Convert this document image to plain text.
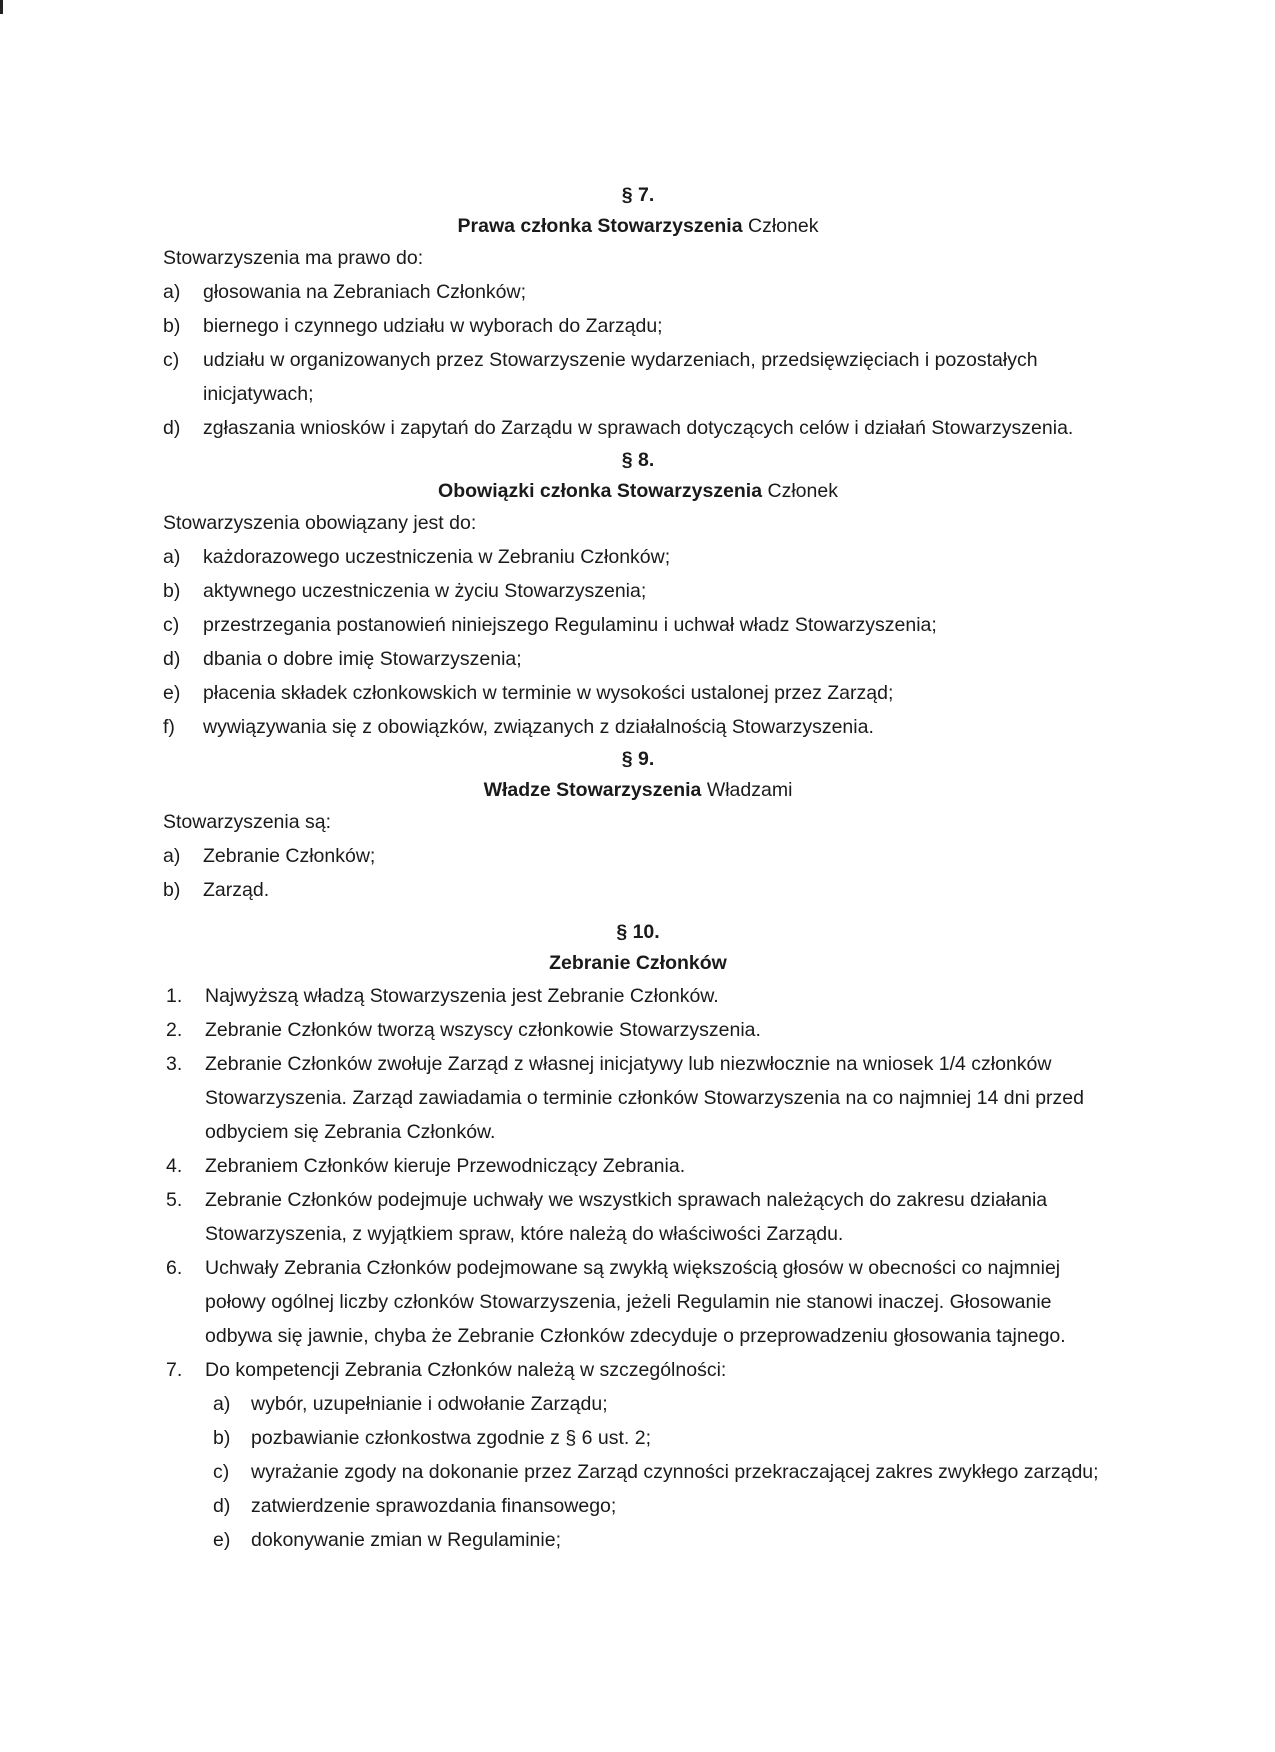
§ 7.
Prawa członka Stowarzyszenia Członek
Stowarzyszenia ma prawo do:
a) głosowania na Zebraniach Członków;
b) biernego i czynnego udziału w wyborach do Zarządu;
c) udziału w organizowanych przez Stowarzyszenie wydarzeniach, przedsięwzięciach i pozostałych inicjatywach;
d) zgłaszania wniosków i zapytań do Zarządu w sprawach dotyczących celów i działań Stowarzyszenia.
§ 8.
Obowiązki członka Stowarzyszenia Członek
Stowarzyszenia obowiązany jest do:
a) każdorazowego uczestniczenia w Zebraniu Członków;
b) aktywnego uczestniczenia w życiu Stowarzyszenia;
c) przestrzegania postanowień niniejszego Regulaminu i uchwał władz Stowarzyszenia;
d) dbania o dobre imię Stowarzyszenia;
e) płacenia składek członkowskich w terminie w wysokości ustalonej przez Zarząd;
f) wywiązywania się z obowiązków, związanych z działalnością Stowarzyszenia.
§ 9.
Władze Stowarzyszenia Władzami
Stowarzyszenia są:
a) Zebranie Członków;
b) Zarząd.
§ 10.
Zebranie Członków
1. Najwyższą władzą Stowarzyszenia jest Zebranie Członków.
2. Zebranie Członków tworzą wszyscy członkowie Stowarzyszenia.
3. Zebranie Członków zwołuje Zarząd z własnej inicjatywy lub niezwłocznie na wniosek 1/4 członków Stowarzyszenia. Zarząd zawiadamia o terminie członków Stowarzyszenia na co najmniej 14 dni przed odbyciem się Zebrania Członków.
4. Zebraniem Członków kieruje Przewodniczący Zebrania.
5. Zebranie Członków podejmuje uchwały we wszystkich sprawach należących do zakresu działania Stowarzyszenia, z wyjątkiem spraw, które należą do właściwości Zarządu.
6. Uchwały Zebrania Członków podejmowane są zwykłą większością głosów w obecności co najmniej połowy ogólnej liczby członków Stowarzyszenia, jeżeli Regulamin nie stanowi inaczej. Głosowanie odbywa się jawnie, chyba że Zebranie Członków zdecyduje o przeprowadzeniu głosowania tajnego.
7. Do kompetencji Zebrania Członków należą w szczególności:
a) wybór, uzupełnianie i odwołanie Zarządu;
b) pozbawianie członkostwa zgodnie z § 6 ust. 2;
c) wyrażanie zgody na dokonanie przez Zarząd czynności przekraczającej zakres zwykłego zarządu;
d) zatwierdzenie sprawozdania finansowego;
e) dokonywanie zmian w Regulaminie;
